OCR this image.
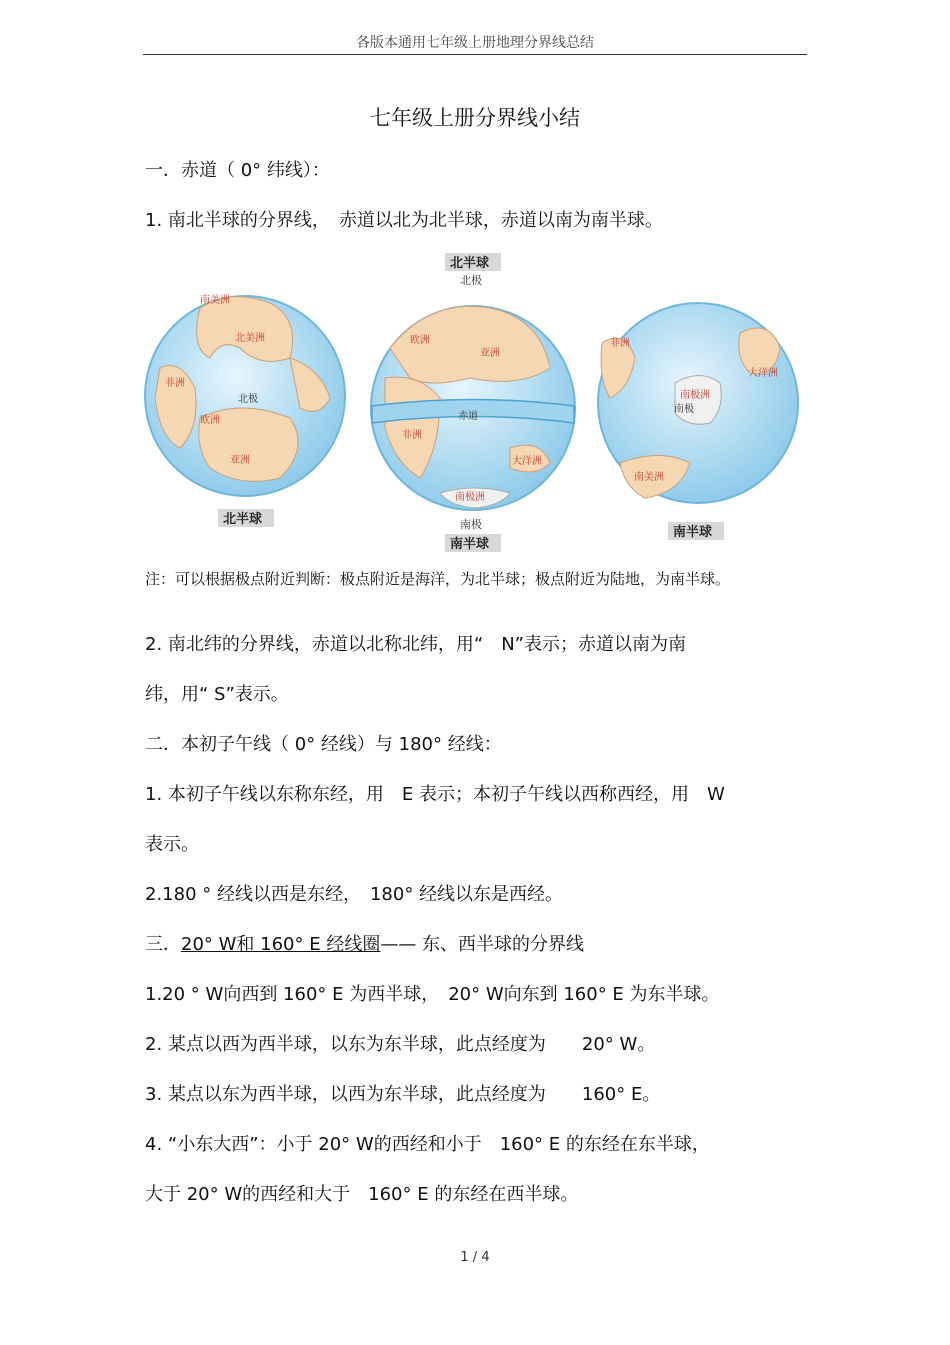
各版本通用七年级上册地理分界线总结
七年级上册分界线小结
一．赤道（ 0° 纬线）：
1. 南北半球的分界线，　赤道以北为北半球，赤道以南为南半球。
北极
北美洲
非洲
欧洲
亚洲
南美洲
北半球
赤道
欧洲
亚洲
非洲
大洋洲
南极洲
北半球
北极
南极
南半球
非洲
南极洲
大洋洲
南美洲
南极
南半球
注：可以根据极点附近判断：极点附近是海洋，为北半球；极点附近为陆地，为南半球。
2. 南北纬的分界线，赤道以北称北纬，用“　N”表示；赤道以南为南
纬，用“ S”表示。
二．本初子午线（ 0° 经线）与 180° 经线：
1. 本初子午线以东称东经，用　E 表示；本初子午线以西称西经，用　W
表示。
2.180 ° 经线以西是东经，　180° 经线以东是西经。
三．20° W和 160° E 经线圈—— 东、西半球的分界线
1.20 ° W向西到 160° E 为西半球，　20° W向东到 160° E 为东半球。
2. 某点以西为西半球，以东为东半球，此点经度为　　20° W。
3. 某点以东为西半球，以西为东半球，此点经度为　　160° E。
4. “小东大西”：小于 20° W的西经和小于　160° E 的东经在东半球，
大于 20° W的西经和大于　160° E 的东经在西半球。
1 / 4
